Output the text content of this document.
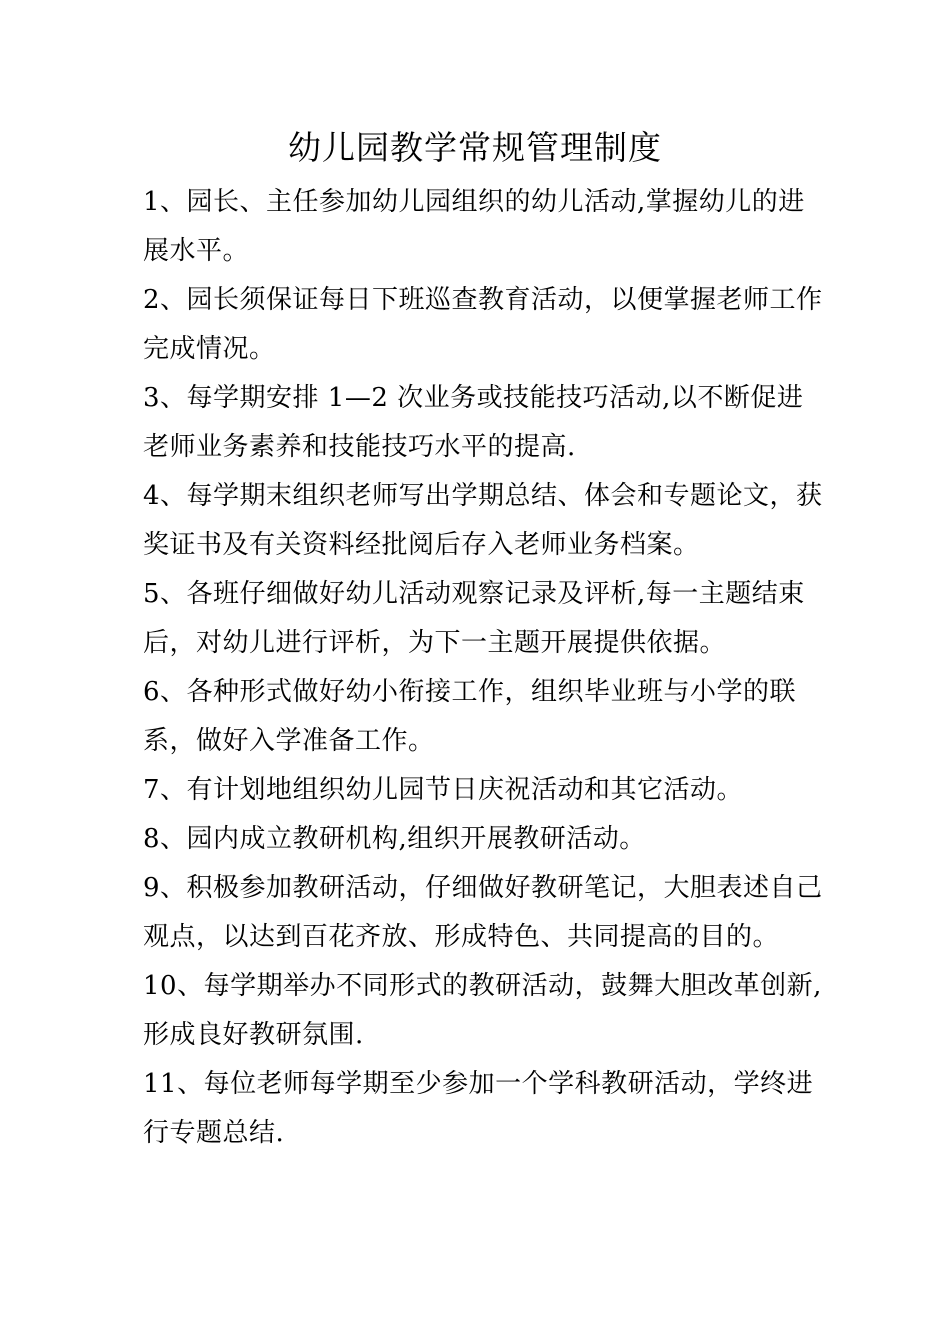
幼儿园教学常规管理制度

1、园长、主任参加幼儿园组织的幼儿活动,掌握幼儿的进展水平。

2、园长须保证每日下班巡查教育活动，以便掌握老师工作完成情况。

3、每学期安排 1—2 次业务或技能技巧活动,以不断促进老师业务素养和技能技巧水平的提高.

4、每学期末组织老师写出学期总结、体会和专题论文，获奖证书及有关资料经批阅后存入老师业务档案。

5、各班仔细做好幼儿活动观察记录及评析,每一主题结束后，对幼儿进行评析，为下一主题开展提供依据。

6、各种形式做好幼小衔接工作，组织毕业班与小学的联系，做好入学准备工作。

7、有计划地组织幼儿园节日庆祝活动和其它活动。

8、园内成立教研机构,组织开展教研活动。

9、积极参加教研活动，仔细做好教研笔记，大胆表述自己观点，以达到百花齐放、形成特色、共同提高的目的。

10、每学期举办不同形式的教研活动，鼓舞大胆改革创新,形成良好教研氛围.

11、每位老师每学期至少参加一个学科教研活动，学终进行专题总结.
